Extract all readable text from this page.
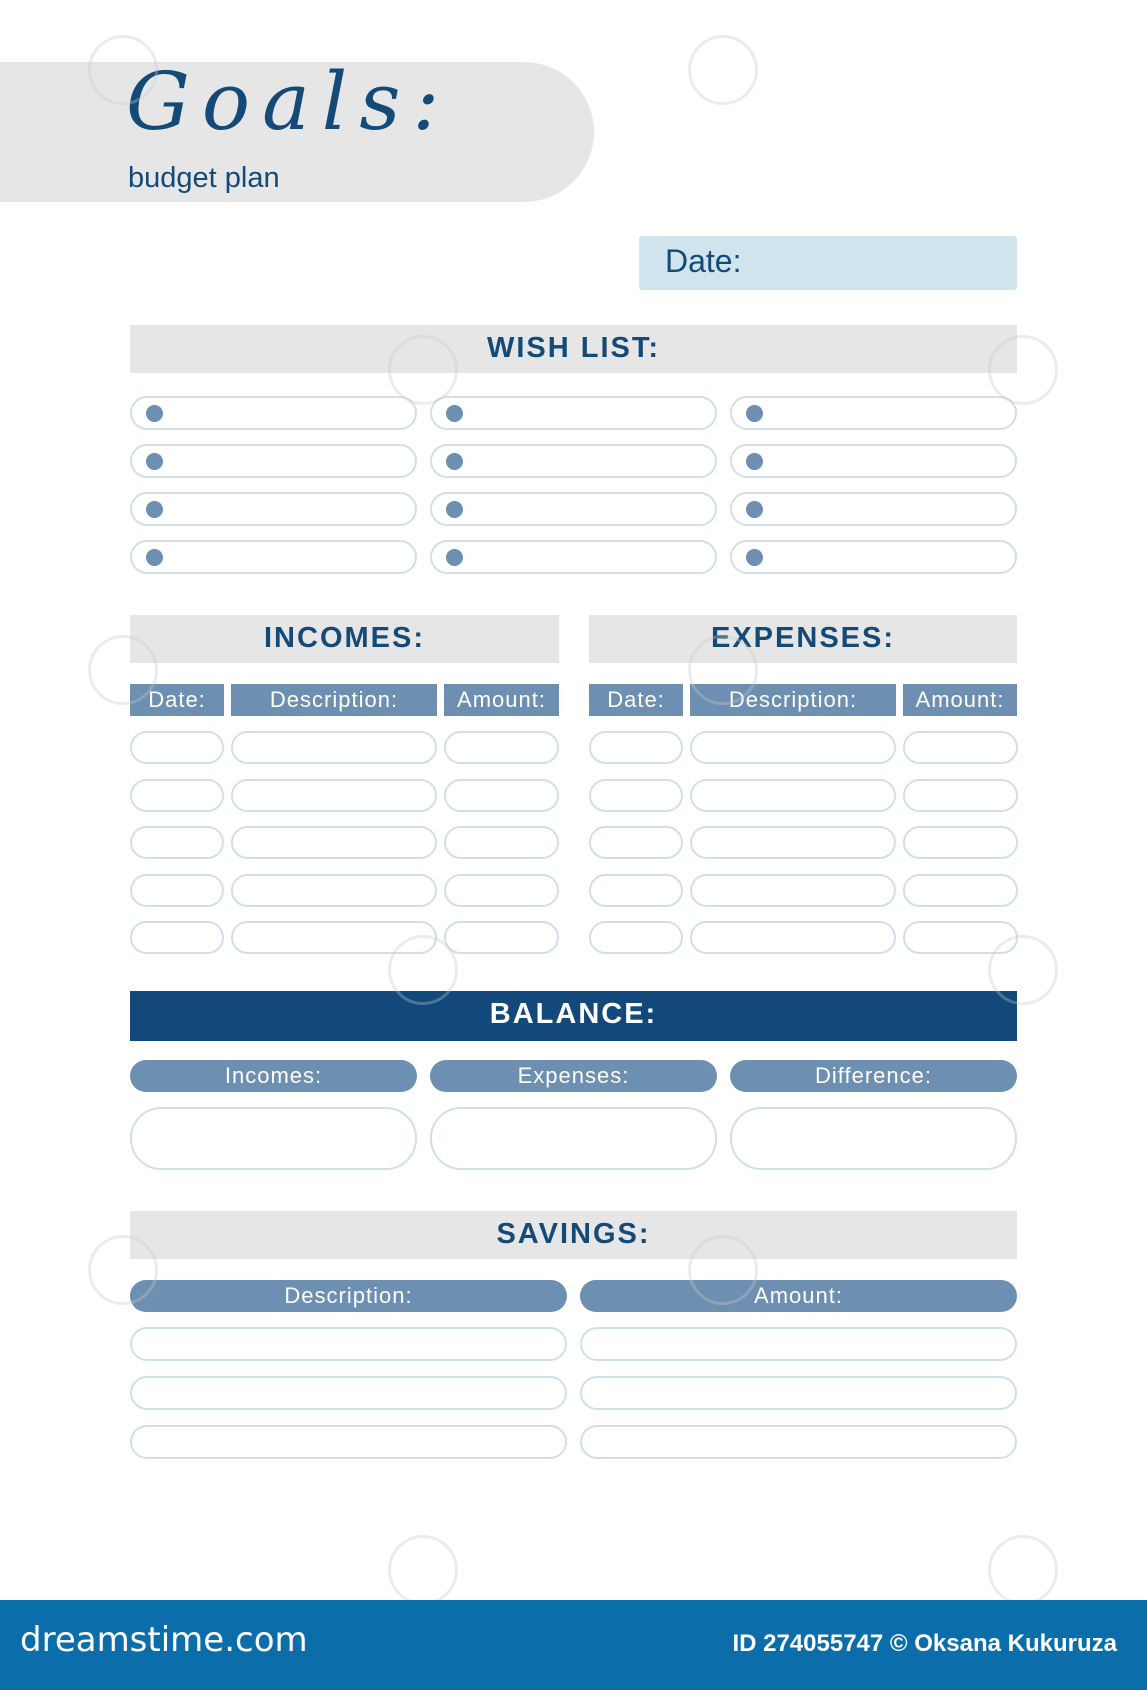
Goals:
budget plan
Date:
WISH LIST:
INCOMES:
Date:	Description:	Amount:
EXPENSES:
Date:	Description:	Amount:
BALANCE:
Incomes:	Expenses:	Difference:
SAVINGS:
Description:	Amount:
dreamstime.com	ID 274055747 © Oksana Kukuruza
